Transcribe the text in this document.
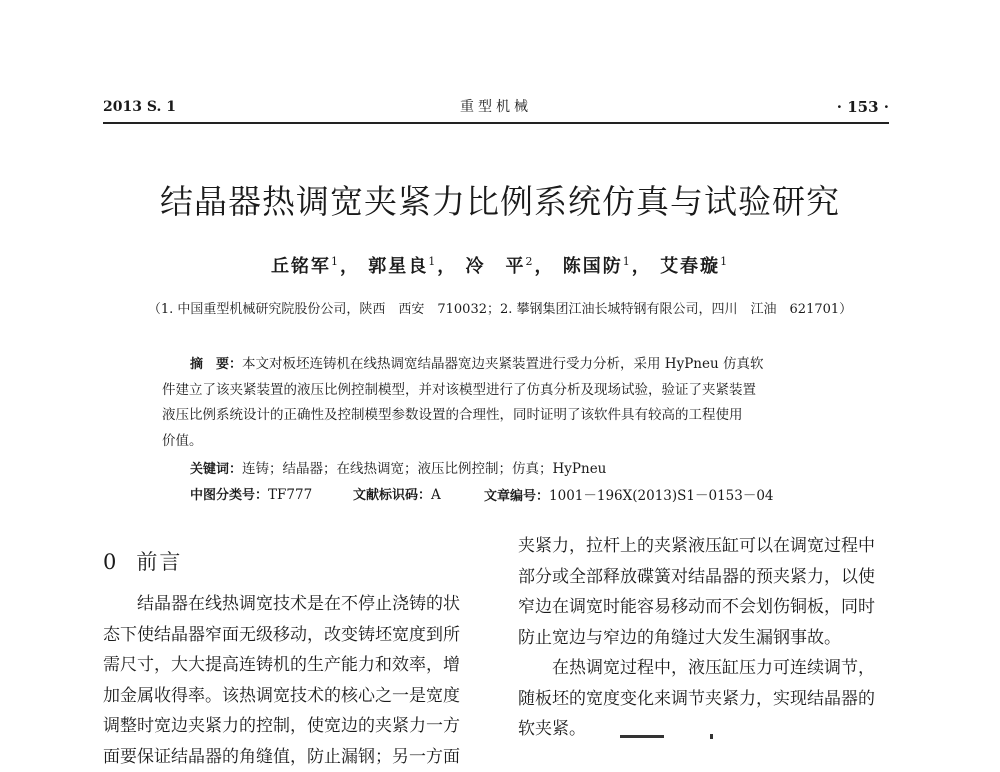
2013 S. 1	重型机械	· 153 ·
结晶器热调宽夹紧力比例系统仿真与试验研究
丘铭军$^1$， 郭星良$^1$， 冷　平$^2$， 陈国防$^1$， 艾春璇$^1$
（1. 中国重型机械研究院股份公司，陕西　西安　710032；2. 攀钢集团江油长城特钢有限公司，四川　江油　621701）
摘　要：本文对板坯连铸机在线热调宽结晶器宽边夹紧装置进行受力分析，采用 HyPneu 仿真软
件建立了该夹紧装置的液压比例控制模型，并对该模型进行了仿真分析及现场试验，验证了夹紧装置
液压比例系统设计的正确性及控制模型参数设置的合理性，同时证明了该软件具有较高的工程使用
价值。
关键词：连铸；结晶器；在线热调宽；液压比例控制；仿真；HyPneu
中图分类号：TF777	文献标识码：A	文章编号：1001－196X(2013)S1－0153－04
0 前言

结晶器在线热调宽技术是在不停止浇铸的状

态下使结晶器窄面无级移动，改变铸坯宽度到所

需尺寸，大大提高连铸机的生产能力和效率，增

加金属收得率。该热调宽技术的核心之一是宽度

调整时宽边夹紧力的控制，使宽边的夹紧力一方

面要保证结晶器的角缝值，防止漏钢；另一方面

夹紧力，拉杆上的夹紧液压缸可以在调宽过程中

部分或全部释放碟簧对结晶器的预夹紧力，以使

窄边在调宽时能容易移动而不会划伤铜板，同时

防止宽边与窄边的角缝过大发生漏钢事故。

在热调宽过程中，液压缸压力可连续调节，

随板坯的宽度变化来调节夹紧力，实现结晶器的

软夹紧。
